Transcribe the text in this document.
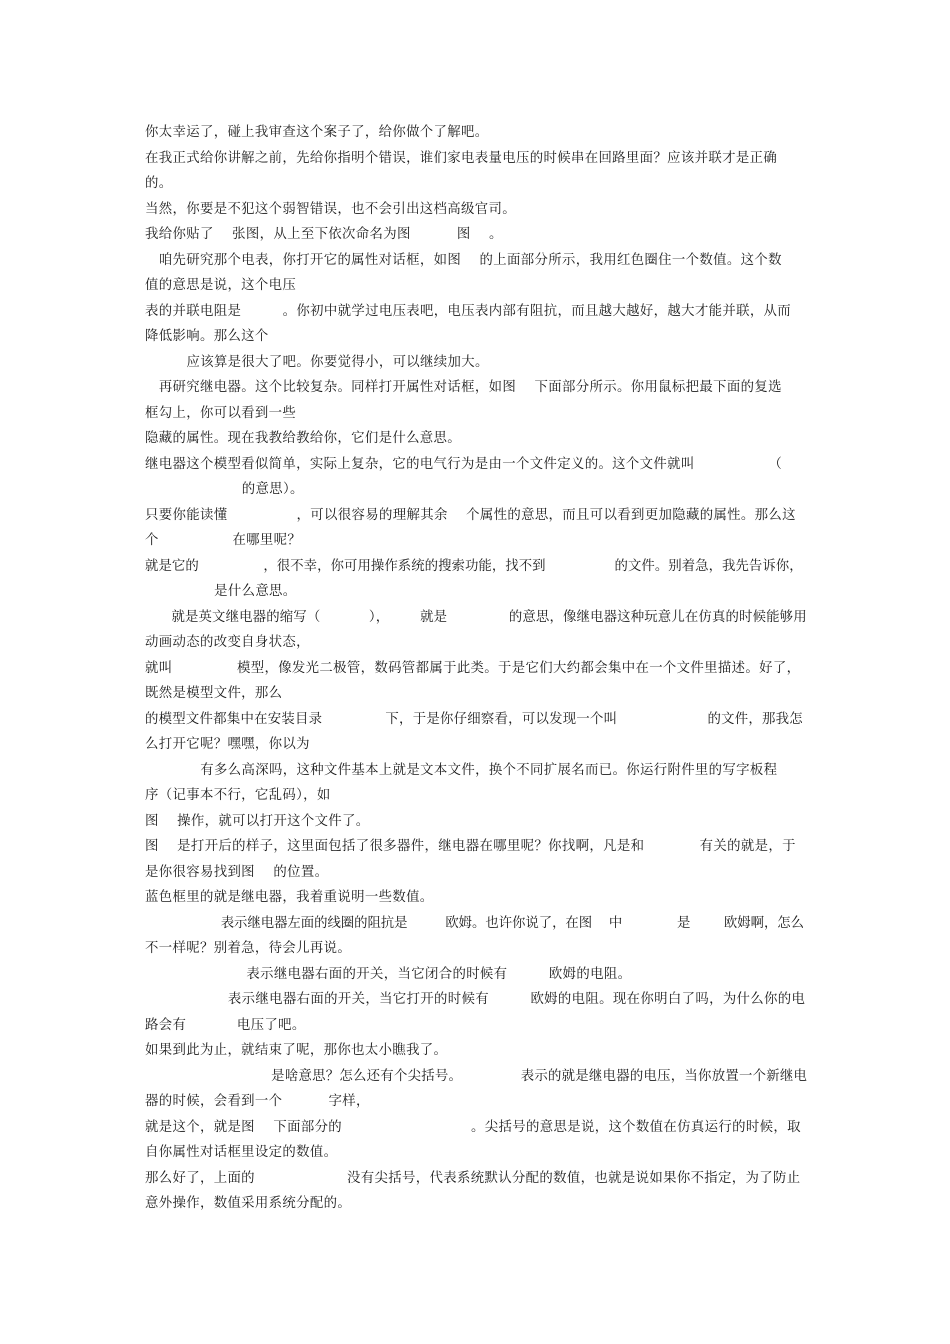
你太幸运了，碰上我审查这个案子了，给你做个了解吧。

在我正式给你讲解之前，先给你指明个错误，谁们家电表量电压的时候串在回路里面？应该并联才是正确

的。

当然，你要是不犯这个弱智错误，也不会引出这档高级官司。

我给你贴了    张图，从上至下依次命名为图          图    。

咱先研究那个电表，你打开它的属性对话框，如图    的上面部分所示，我用红色圈住一个数值。这个数

值的意思是说，这个电压

表的并联电阻是         。你初中就学过电压表吧，电压表内部有阻抗，而且越大越好，越大才能并联，从而

降低影响。那么这个

应该算是很大了吧。你要觉得小，可以继续加大。

再研究继电器。这个比较复杂。同样打开属性对话框，如图    下面部分所示。你用鼠标把最下面的复选

框勾上，你可以看到一些

隐藏的属性。现在我教给教给你，它们是什么意思。

继电器这个模型看似简单，实际上复杂，它的电气行为是由一个文件定义的。这个文件就叫                （

的意思）。

只要你能读懂               ，可以很容易的理解其余    个属性的意思，而且可以看到更加隐藏的属性。那么这

个                在哪里呢？

就是它的               ，很不幸，你可用操作系统的搜索功能，找不到                的文件。别着急，我先告诉你，

是什么意思。

就是英文继电器的缩写（           ），       就是              的意思，像继电器这种玩意儿在仿真的时候能够用

动画动态的改变自身状态，

就叫              模型，像发光二极管，数码管都属于此类。于是它们大约都会集中在一个文件里描述。好了，

既然是模型文件，那么

的模型文件都集中在安装目录              下，于是你仔细察看，可以发现一个叫                    的文件，那我怎

么打开它呢？嘿嘿，你以为

有多么高深吗，这种文件基本上就是文本文件，换个不同扩展名而已。你运行附件里的写字板程

序（记事本不行，它乱码），如

图    操作，就可以打开这个文件了。

图    是打开后的样子，这里面包括了很多器件，继电器在哪里呢？你找啊，凡是和            有关的就是，于

是你很容易找到图    的位置。

蓝色框里的就是继电器，我着重说明一些数值。

表示继电器左面的线圈的阻抗是         欧姆。也许你说了，在图    中             是        欧姆啊，怎么

不一样呢？别着急，待会儿再说。

表示继电器右面的开关，当它闭合的时候有         欧姆的电阻。

表示继电器右面的开关，当它打开的时候有         欧姆的电阻。现在你明白了吗，为什么你的电

路会有           电压了吧。

如果到此为止，就结束了呢，那你也太小瞧我了。

是啥意思？怎么还有个尖括号。             表示的就是继电器的电压，当你放置一个新继电

器的时候，会看到一个          字样，

就是这个，就是图    下面部分的                            。尖括号的意思是说，这个数值在仿真运行的时候，取

自你属性对话框里设定的数值。

那么好了，上面的                    没有尖括号，代表系统默认分配的数值，也就是说如果你不指定，为了防止

意外操作，数值采用系统分配的。
